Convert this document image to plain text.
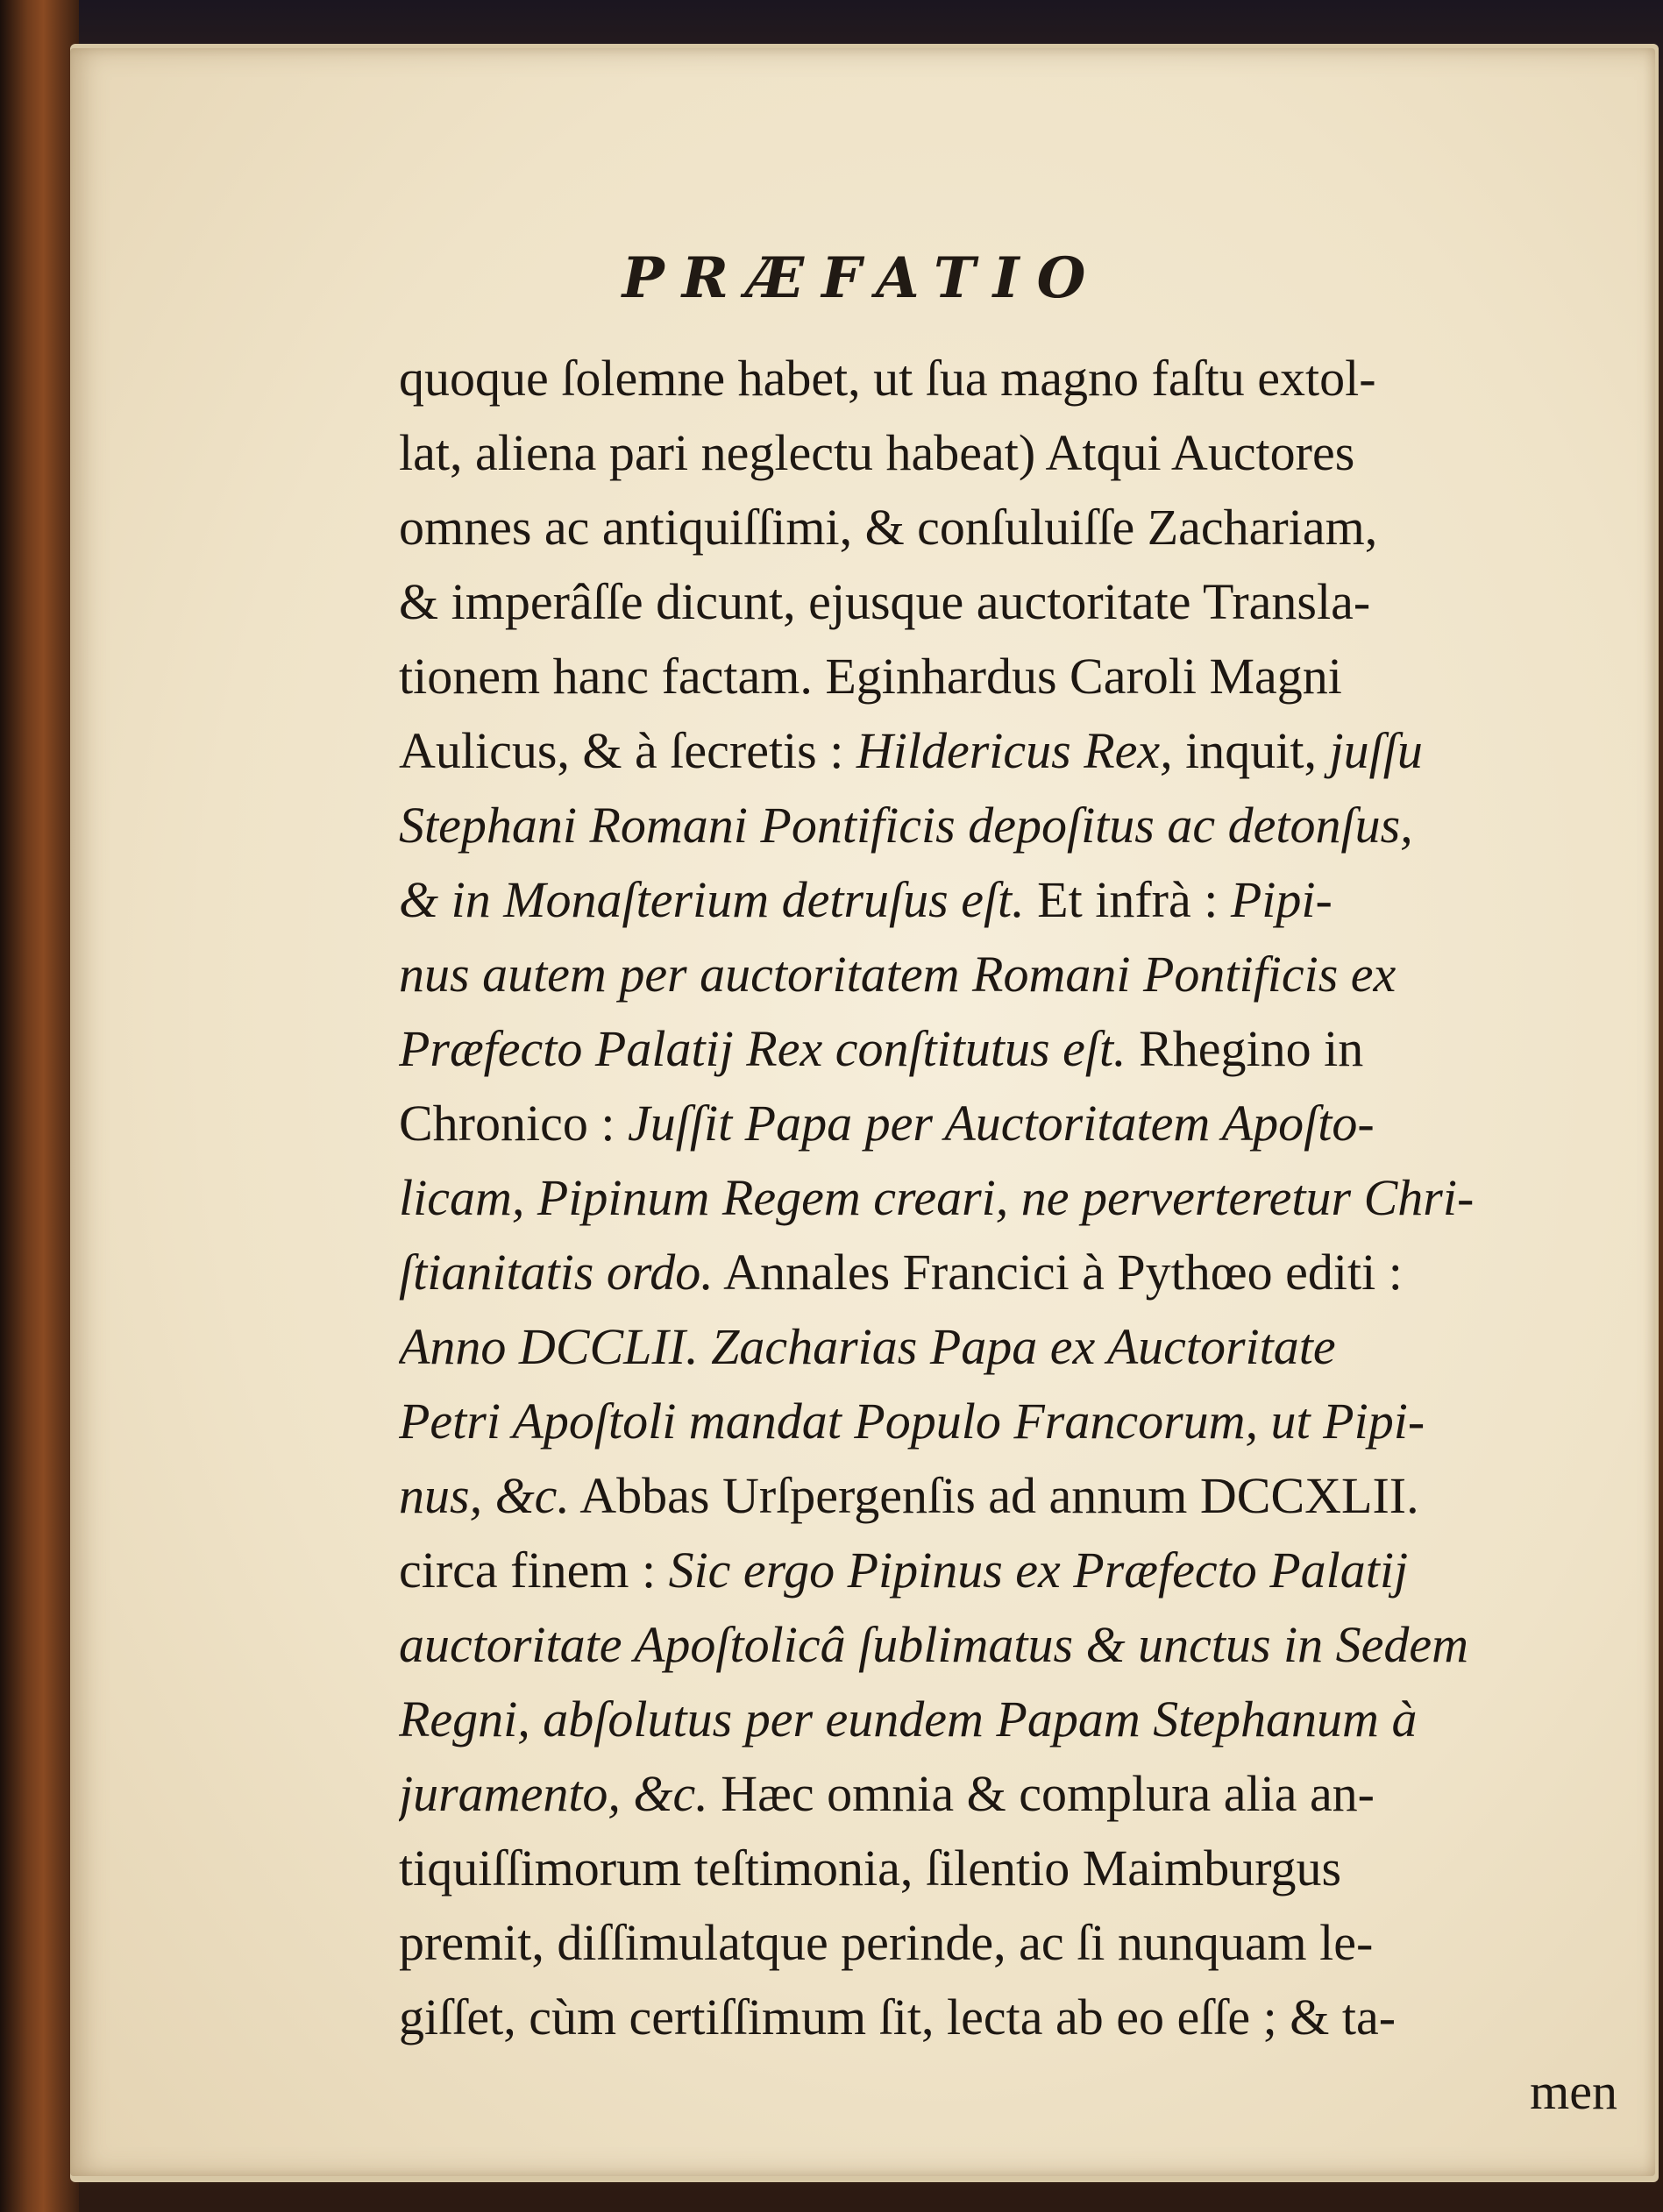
PRÆFATIO
quoque ſolemne habet, ut ſua magno faſtu extol-
lat, aliena pari neglectu habeat) Atqui Auctores
omnes ac antiquiſſimi, & conſuluiſſe Zachariam,
& imperâſſe dicunt, ejusque auctoritate Transla-
tionem hanc factam. Eginhardus Caroli Magni
Aulicus, & à ſecretis : Hildericus Rex, inquit, juſſu
Stephani Romani Pontificis depoſitus ac detonſus,
& in Monaſterium detruſus eſt. Et infrà : Pipi-
nus autem per auctoritatem Romani Pontificis ex
Præfecto Palatij Rex conſtitutus eſt. Rhegino in
Chronico : Juſſit Papa per Auctoritatem Apoſto-
licam, Pipinum Regem creari, ne perverteretur Chri-
ſtianitatis ordo. Annales Francici à Pythœo editi :
Anno DCCLII. Zacharias Papa ex Auctoritate
Petri Apoſtoli mandat Populo Francorum, ut Pipi-
nus, &c. Abbas Urſpergenſis ad annum DCCXLII.
circa finem : Sic ergo Pipinus ex Præfecto Palatij
auctoritate Apoſtolicâ ſublimatus & unctus in Sedem
Regni, abſolutus per eundem Papam Stephanum à
juramento, &c. Hæc omnia & complura alia an-
tiquiſſimorum teſtimonia, ſilentio Maimburgus
premit, diſſimulatque perinde, ac ſi nunquam le-
giſſet, cùm certiſſimum ſit, lecta ab eo eſſe ; & ta-
men
